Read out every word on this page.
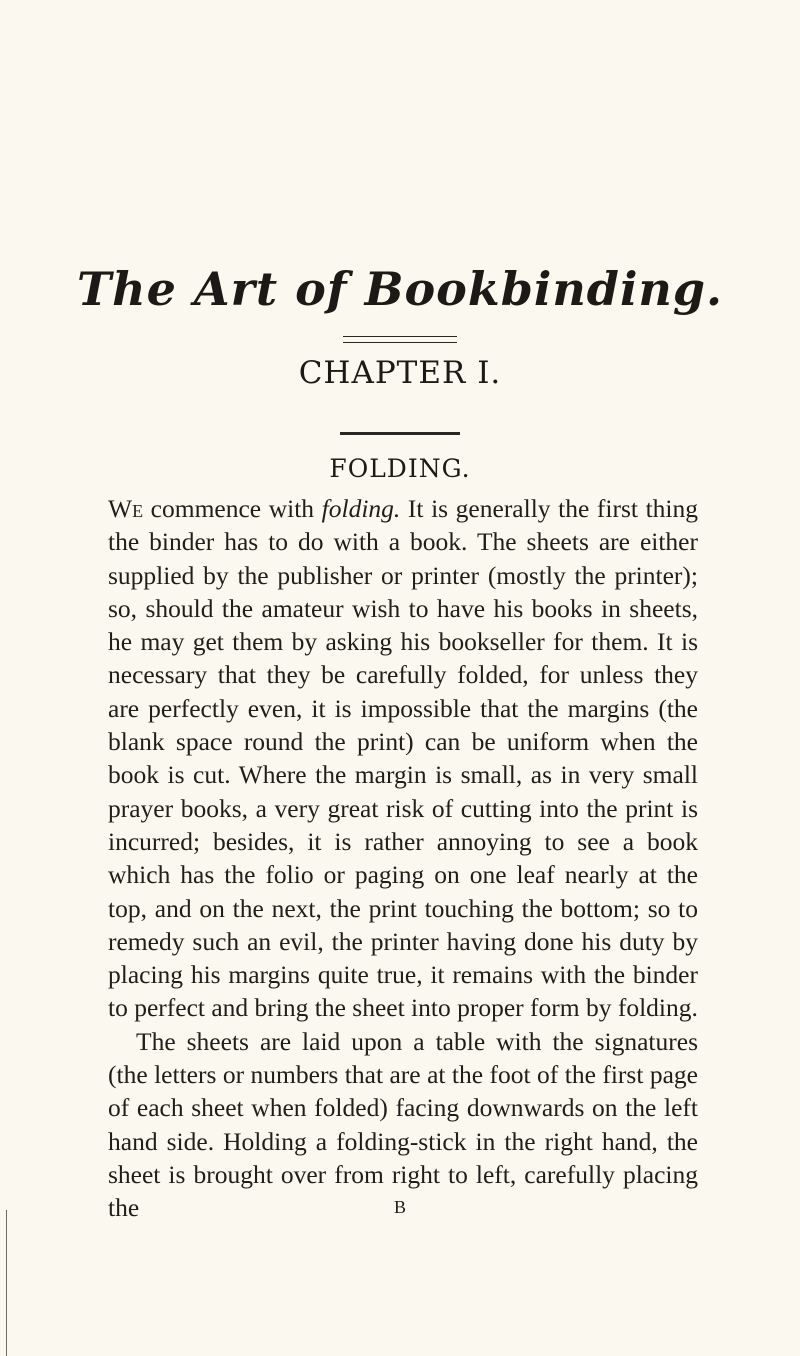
The Art of Bookbinding.
CHAPTER I.
FOLDING.

We commence with folding. It is generally the first thing the binder has to do with a book. The sheets are either supplied by the publisher or printer (mostly the printer); so, should the amateur wish to have his books in sheets, he may get them by asking his bookseller for them. It is necessary that they be carefully folded, for unless they are perfectly even, it is impossible that the margins (the blank space round the print) can be uniform when the book is cut. Where the margin is small, as in very small prayer books, a very great risk of cutting into the print is incurred; besides, it is rather annoying to see a book which has the folio or paging on one leaf nearly at the top, and on the next, the print touching the bottom; so to remedy such an evil, the printer having done his duty by placing his margins quite true, it remains with the binder to perfect and bring the sheet into proper form by folding.

The sheets are laid upon a table with the signatures (the letters or numbers that are at the foot of the first page of each sheet when folded) facing downwards on the left hand side. Holding a folding-stick in the right hand, the sheet is brought over from right to left, carefully placing the	B
